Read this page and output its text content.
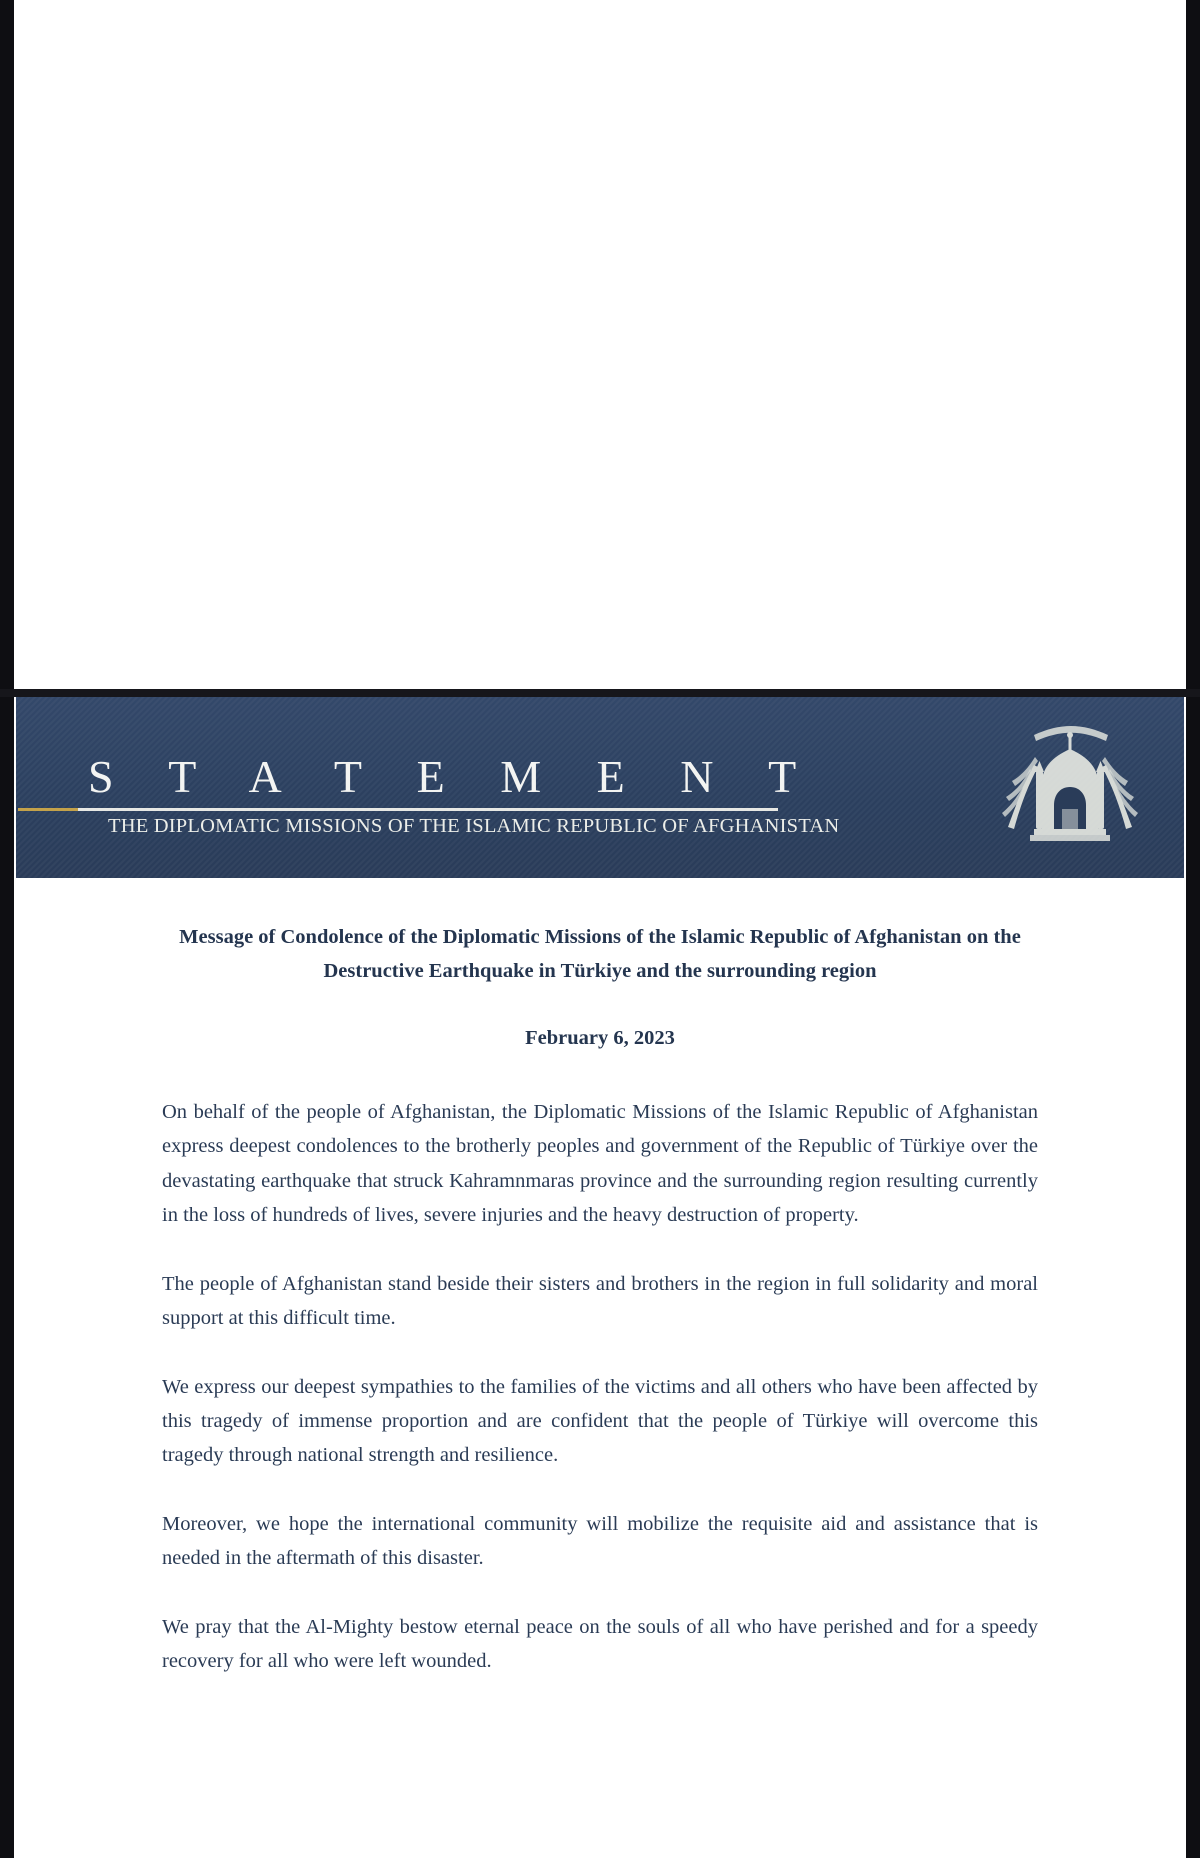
S T A T E M E N T
THE DIPLOMATIC MISSIONS OF THE ISLAMIC REPUBLIC OF AFGHANISTAN
Message of Condolence of the Diplomatic Missions of the Islamic Republic of Afghanistan on the Destructive Earthquake in Türkiye and the surrounding region
February 6, 2023

On behalf of the people of Afghanistan, the Diplomatic Missions of the Islamic Republic of Afghanistan express deepest condolences to the brotherly peoples and government of the Republic of Türkiye over the devastating earthquake that struck Kahramnmaras province and the surrounding region resulting currently in the loss of hundreds of lives, severe injuries and the heavy destruction of property.

The people of Afghanistan stand beside their sisters and brothers in the region in full solidarity and moral support at this difficult time.

We express our deepest sympathies to the families of the victims and all others who have been affected by this tragedy of immense proportion and are confident that the people of Türkiye will overcome this tragedy through national strength and resilience.

Moreover, we hope the international community will mobilize the requisite aid and assistance that is needed in the aftermath of this disaster.

We pray that the Al-Mighty bestow eternal peace on the souls of all who have perished and for a speedy recovery for all who were left wounded.
